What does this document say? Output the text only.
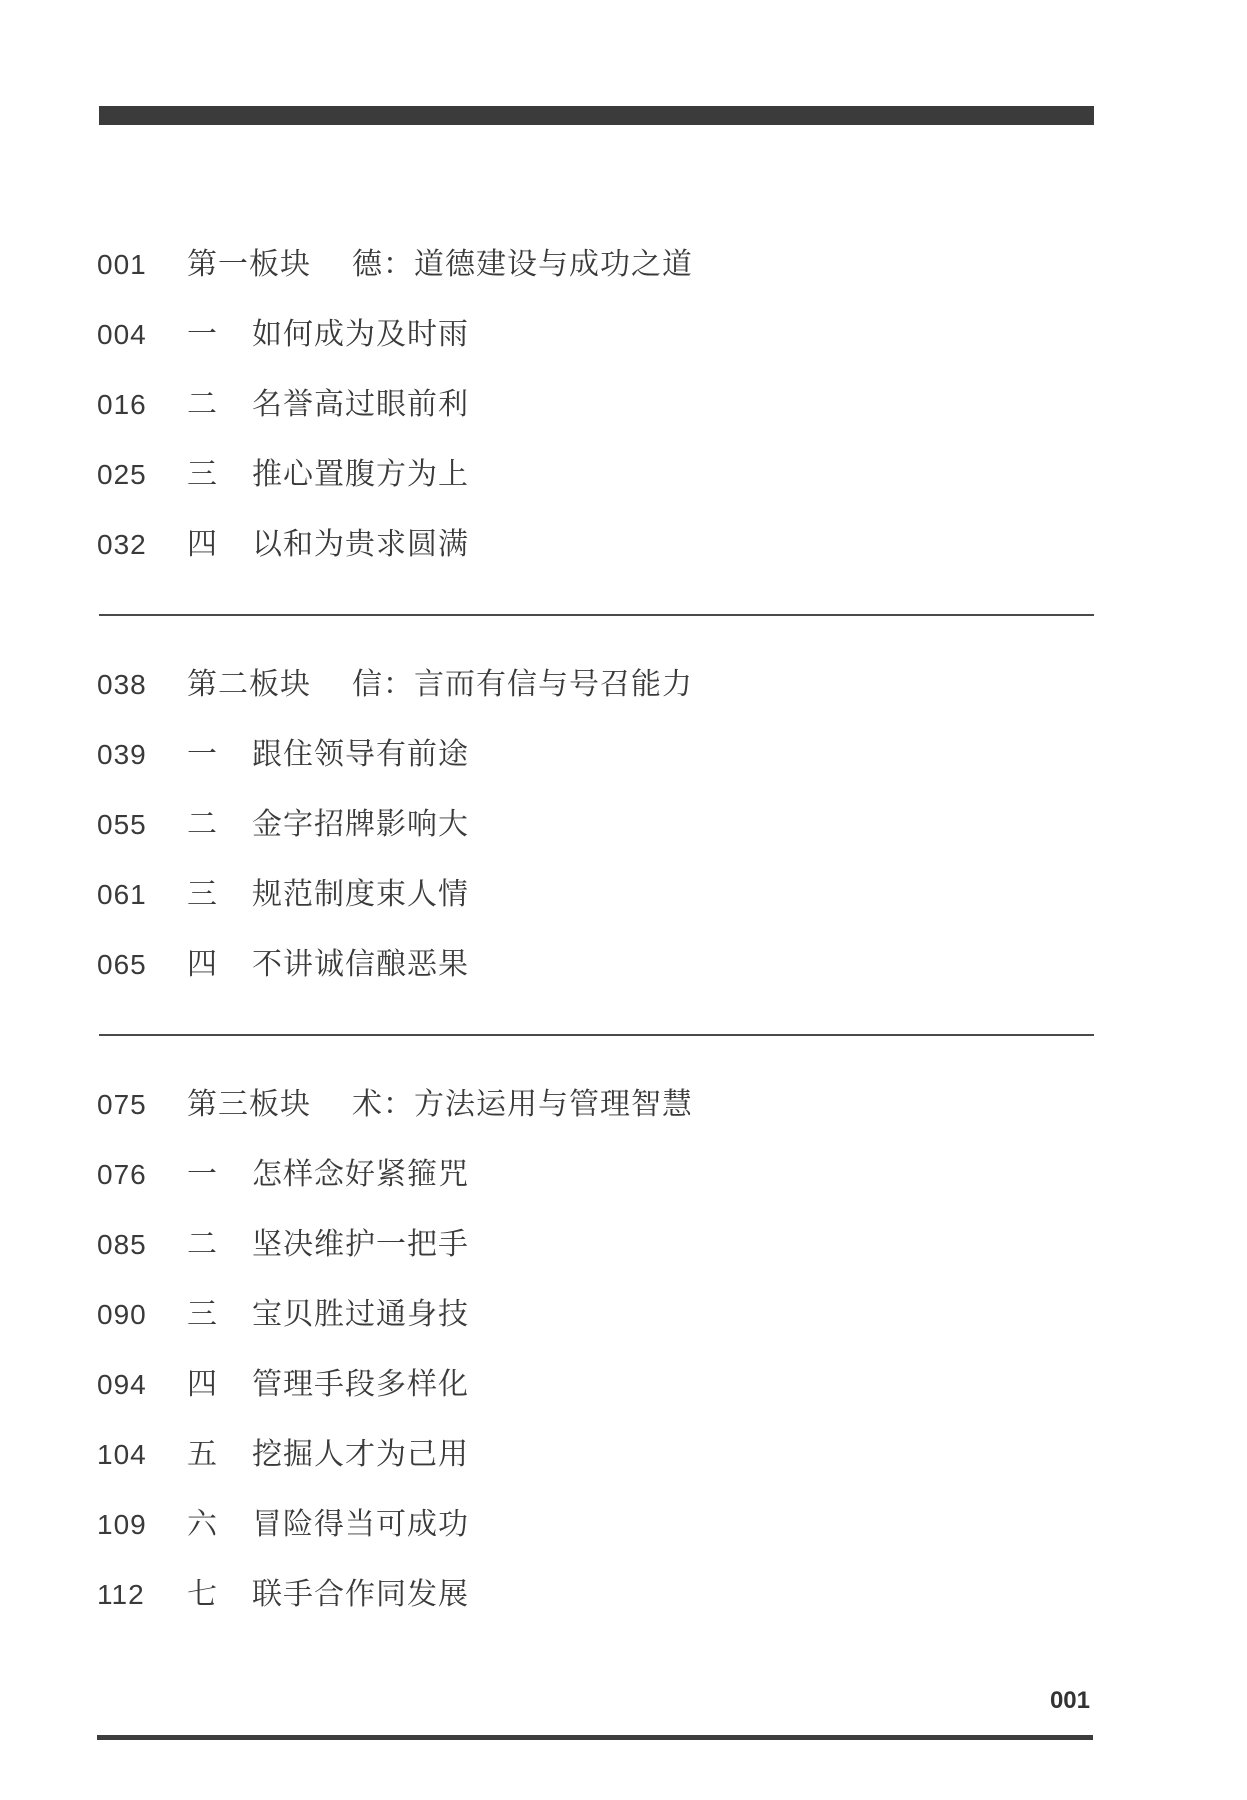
001	第一板块 德：道德建设与成功之道
004	一	如何成为及时雨
016	二	名誉高过眼前利
025	三	推心置腹方为上
032	四	以和为贵求圆满
038	第二板块 信：言而有信与号召能力
039	一	跟住领导有前途
055	二	金字招牌影响大
061	三	规范制度束人情
065	四	不讲诚信酿恶果
075	第三板块 术：方法运用与管理智慧
076	一	怎样念好紧箍咒
085	二	坚决维护一把手
090	三	宝贝胜过通身技
094	四	管理手段多样化
104	五	挖掘人才为己用
109	六	冒险得当可成功
112	七	联手合作同发展
001
